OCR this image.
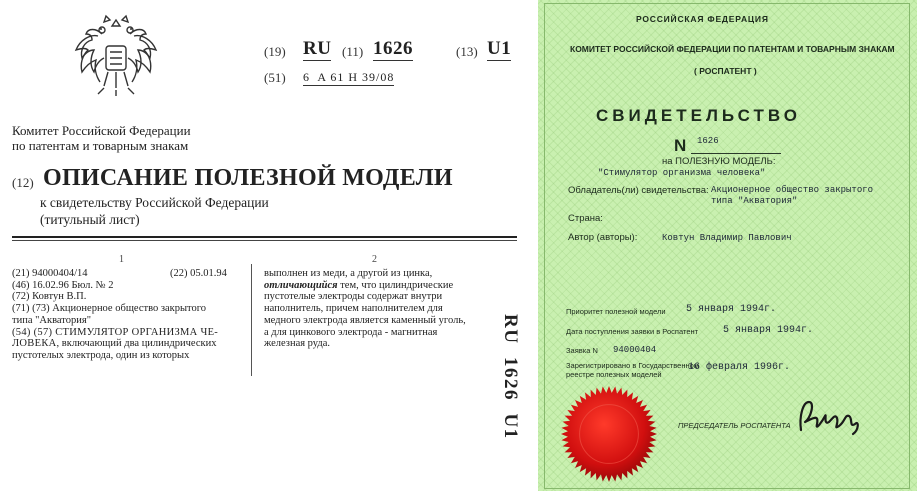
(19) RU (11) 1626	(13) U1
(51) 6  A 61 H 39/08
Комитет Российской Федерации
по патентам и товарным знакам
(12) ОПИСАНИЕ ПОЛЕЗНОЙ МОДЕЛИ
к свидетельству Российской Федерации
(титульный лист)
1	2
(21) 94000404/14	(22) 05.01.94
(46) 16.02.96 Бюл. № 2
(72) Ковтун В.П.
(71) (73) Акционерное общество закрытого
типа "Акватория"
(54) (57) СТИМУЛЯТОР ОРГАНИЗМА ЧЕ-
ЛОВЕКА, включающий два цилиндрических
пустотелых электрода, один из которых
выполнен из меди, а другой из цинка,
отличающийся тем, что цилиндрические
пустотелые электроды содержат внутри
наполнитель, причем наполнителем для
медного электрода является каменный уголь,
а для цинкового электрода - магнитная
железная руда.	RU  1626  U1
РОССИЙСКАЯ ФЕДЕРАЦИЯ
КОМИТЕТ РОССИЙСКОЙ ФЕДЕРАЦИИ ПО ПАТЕНТАМ И ТОВАРНЫМ ЗНАКАМ
( РОСПАТЕНТ )
СВИДЕТЕЛЬСТВО
N 1626
на ПОЛЕЗНУЮ МОДЕЛЬ:
"Стимулятор организма человека"
Обладатель(ли) свидетельства: Акционерное общество закрытого
типа "Акватория"
Страна:
Автор (авторы):	Ковтун Владимир Павлович
Приоритет полезной модели 5 января 1994г.
Дата поступления заявки в Роспатент 5 января 1994г.
Заявка N 94000404
Зарегистрировано в Государственном
реестре полезных моделей
16 февраля 1996г.
ПРЕДСЕДАТЕЛЬ РОСПАТЕНТА
